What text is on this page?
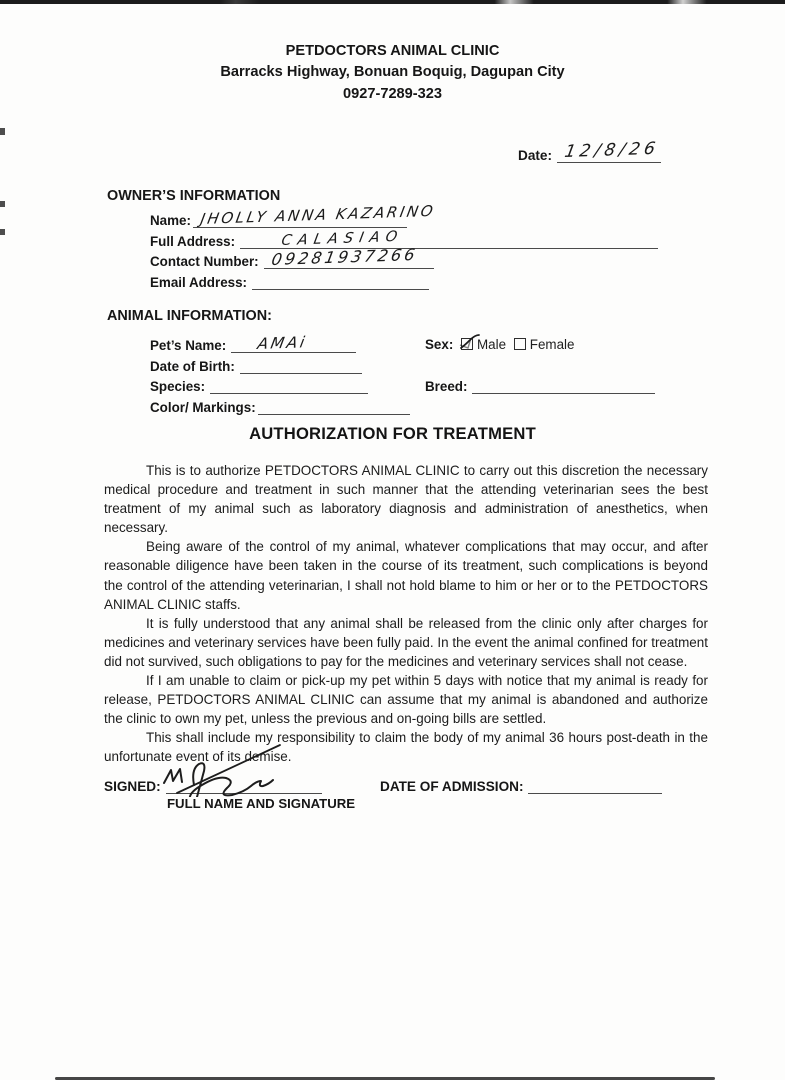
PETDOCTORS ANIMAL CLINIC
Barracks Highway, Bonuan Boquig, Dagupan City
0927-7289-323
Date: 12/8/26
OWNER’S INFORMATION
Name: JHOLLY ANNA KAZARINO
Full Address:	CALASIAO
Contact Number: 09281937266
Email Address:
ANIMAL INFORMATION:
Pet’s Name: AMAi	Sex: Male Female
Date of Birth:
Species:	Breed:
Color/ Markings:
AUTHORIZATION FOR TREATMENT

This is to authorize PETDOCTORS ANIMAL CLINIC to carry out this discretion the necessary medical procedure and treatment in such manner that the attending veterinarian sees the best treatment of my animal such as laboratory diagnosis and administration of anesthetics, when necessary.

Being aware of the control of my animal, whatever complications that may occur, and after reasonable diligence have been taken in the course of its treatment, such complications is beyond the control of the attending veterinarian, I shall not hold blame to him or her or to the PETDOCTORS ANIMAL CLINIC staffs.

It is fully understood that any animal shall be released from the clinic only after charges for medicines and veterinary services have been fully paid. In the event the animal confined for treatment did not survived, such obligations to pay for the medicines and veterinary services shall not cease.

If I am unable to claim or pick-up my pet within 5 days with notice that my animal is ready for release, PETDOCTORS ANIMAL CLINIC can assume that my animal is abandoned and authorize the clinic to own my pet, unless the previous and on-going bills are settled.

This shall include my responsibility to claim the body of my animal 36 hours post-death in the unfortunate event of its demise.

SIGNED:
FULL NAME AND SIGNATURE
DATE OF ADMISSION:
